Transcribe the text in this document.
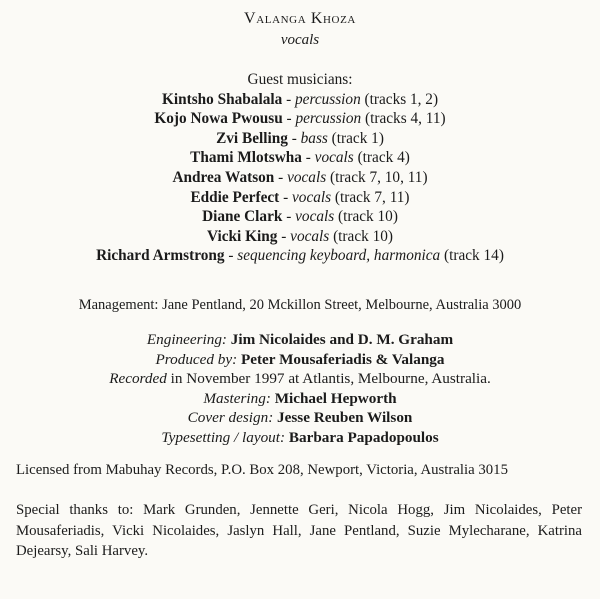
Valanga Khoza
vocals
Guest musicians:
Kintsho Shabalala - percussion (tracks 1, 2)
Kojo Nowa Pwousu - percussion (tracks 4, 11)
Zvi Belling - bass (track 1)
Thami Mlotswha - vocals (track 4)
Andrea Watson - vocals (track 7, 10, 11)
Eddie Perfect - vocals (track 7, 11)
Diane Clark - vocals (track 10)
Vicki King - vocals (track 10)
Richard Armstrong - sequencing keyboard, harmonica (track 14)
Management: Jane Pentland, 20 Mckillon Street, Melbourne, Australia 3000
Engineering: Jim Nicolaides and D. M. Graham
Produced by: Peter Mousaferiadis & Valanga
Recorded in November 1997 at Atlantis, Melbourne, Australia.
Mastering: Michael Hepworth
Cover design: Jesse Reuben Wilson
Typesetting / layout: Barbara Papadopoulos
Licensed from Mabuhay Records, P.O. Box 208, Newport, Victoria, Australia 3015
Special thanks to: Mark Grunden, Jennette Geri, Nicola Hogg, Jim Nicolaides, Peter Mousaferiadis, Vicki Nicolaides, Jaslyn Hall, Jane Pentland, Suzie Mylecharane, Katrina Dejearsy, Sali Harvey.
